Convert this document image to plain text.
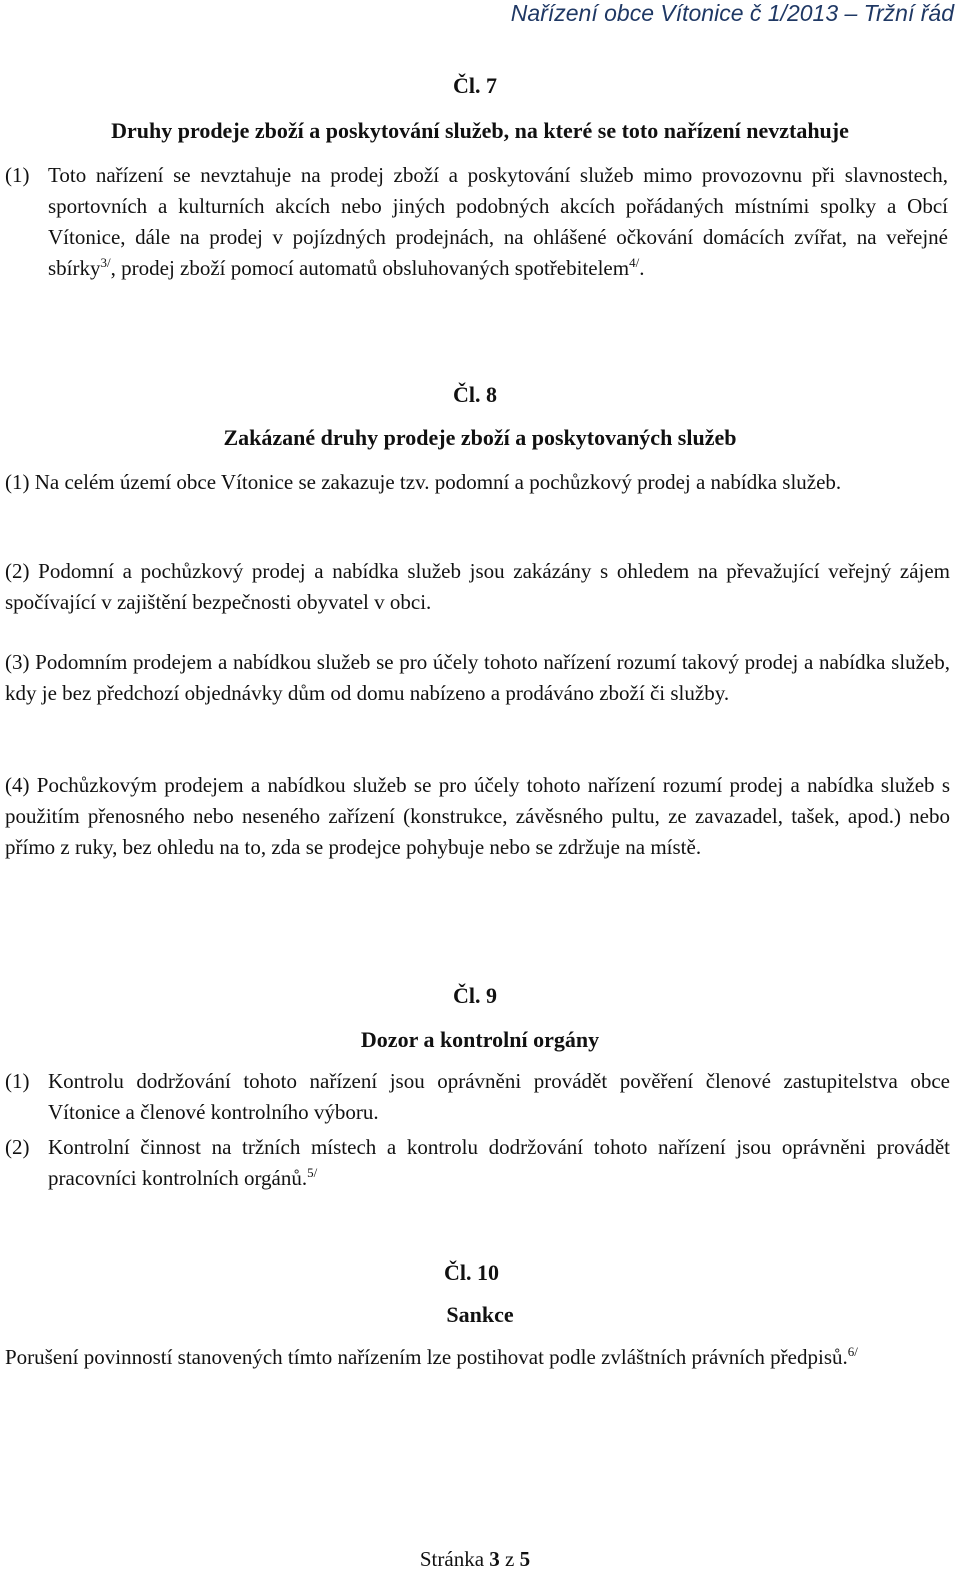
Nařízení obce Vítonice č 1/2013 – Tržní řád
Čl. 7
Druhy prodeje zboží a poskytování služeb, na které se toto nařízení nevztahuje
(1) Toto nařízení se nevztahuje na prodej zboží a poskytování služeb mimo provozovnu při slavnostech, sportovních a kulturních akcích nebo jiných podobných akcích pořádaných místními spolky a Obcí Vítonice, dále na prodej v pojízdných prodejnách, na ohlášené očkování domácích zvířat, na veřejné sbírky$^{3/}$, prodej zboží pomocí automatů obsluhovaných spotřebitelem$^{4/}$.
Čl. 8
Zakázané druhy prodeje zboží a poskytovaných služeb
(1) Na celém území obce Vítonice se zakazuje tzv. podomní a pochůzkový prodej a nabídka služeb.
(2) Podomní a pochůzkový prodej a nabídka služeb jsou zakázány s ohledem na převažující veřejný zájem spočívající v zajištění bezpečnosti obyvatel v obci.
(3) Podomním prodejem a nabídkou služeb se pro účely tohoto nařízení rozumí takový prodej a nabídka služeb, kdy je bez předchozí objednávky dům od domu nabízeno a prodáváno zboží či služby.
(4) Pochůzkovým prodejem a nabídkou služeb se pro účely tohoto nařízení rozumí prodej a nabídka služeb s použitím přenosného nebo neseného zařízení (konstrukce, závěsného pultu, ze zavazadel, tašek, apod.) nebo přímo z ruky, bez ohledu na to, zda se prodejce pohybuje nebo se zdržuje na místě.
Čl. 9
Dozor a kontrolní orgány
(1) Kontrolu dodržování tohoto nařízení jsou oprávněni provádět pověření členové zastupitelstva obce Vítonice a členové kontrolního výboru.
(2) Kontrolní činnost na tržních místech a kontrolu dodržování tohoto nařízení jsou oprávněni provádět pracovníci kontrolních orgánů.$^{5/}$
Čl. 10
Sankce
Porušení povinností stanovených tímto nařízením lze postihovat podle zvláštních právních předpisů.$^{6/}$
Stránka 3 z 5
